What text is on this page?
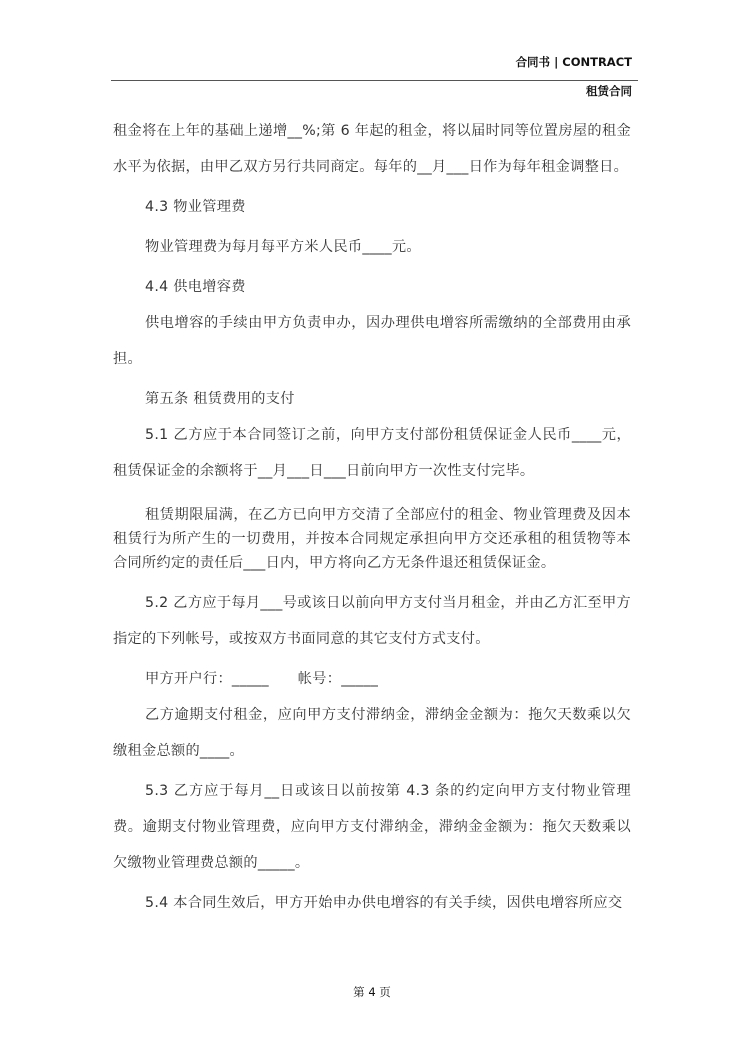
合同书 | CONTRACT
租赁合同

租金将在上年的基础上递增__%;第 6 年起的租金，将以届时同等位置房屋的租金水平为依据，由甲乙双方另行共同商定。每年的__月___日作为每年租金调整日。

4.3 物业管理费

物业管理费为每月每平方米人民币____元。

4.4 供电增容费

供电增容的手续由甲方负责申办，因办理供电增容所需缴纳的全部费用由承担。

第五条 租赁费用的支付

5.1 乙方应于本合同签订之前，向甲方支付部份租赁保证金人民币____元，租赁保证金的余额将于__月___日___日前向甲方一次性支付完毕。

租赁期限届满，在乙方已向甲方交清了全部应付的租金、物业管理费及因本租赁行为所产生的一切费用，并按本合同规定承担向甲方交还承租的租赁物等本合同所约定的责任后___日内，甲方将向乙方无条件退还租赁保证金。

5.2 乙方应于每月___号或该日以前向甲方支付当月租金，并由乙方汇至甲方指定的下列帐号，或按双方书面同意的其它支付方式支付。

甲方开户行：_____      帐号：_____

乙方逾期支付租金，应向甲方支付滞纳金，滞纳金金额为：拖欠天数乘以欠缴租金总额的____。

5.3 乙方应于每月__日或该日以前按第 4.3 条的约定向甲方支付物业管理费。逾期支付物业管理费，应向甲方支付滞纳金，滞纳金金额为：拖欠天数乘以欠缴物业管理费总额的_____。

5.4 本合同生效后，甲方开始申办供电增容的有关手续，因供电增容所应交

第 4 页
